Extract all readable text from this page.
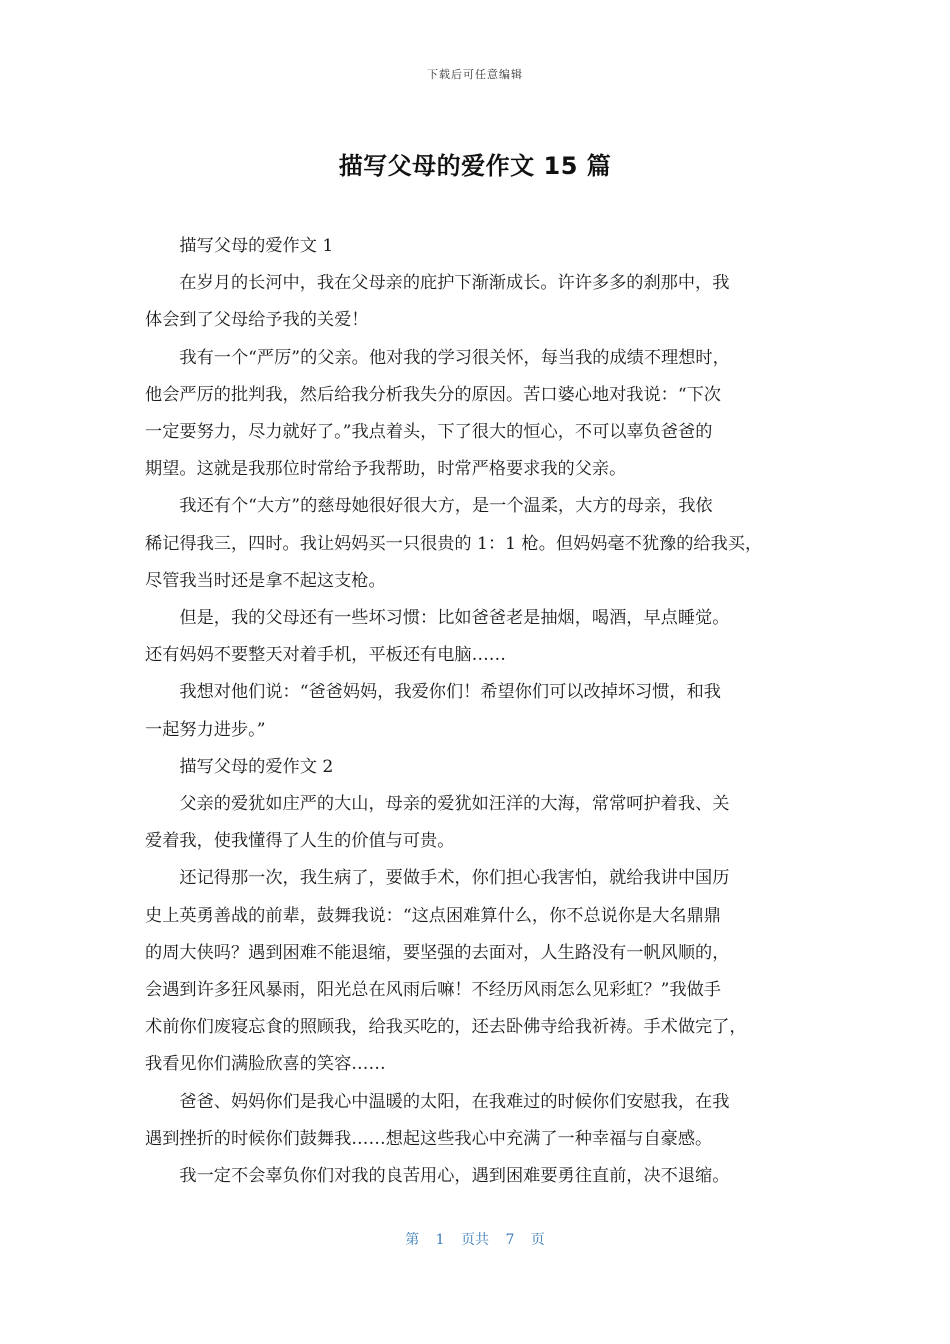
下载后可任意编辑
描写父母的爱作文 15 篇

描写父母的爱作文 1

在岁月的长河中，我在父母亲的庇护下渐渐成长。许许多多的刹那中，我
体会到了父母给予我的关爱！

我有一个“严厉”的父亲。他对我的学习很关怀，每当我的成绩不理想时，
他会严厉的批判我，然后给我分析我失分的原因。苦口婆心地对我说：“下次
一定要努力，尽力就好了。”我点着头，下了很大的恒心，不可以辜负爸爸的
期望。这就是我那位时常给予我帮助，时常严格要求我的父亲。

我还有个“大方”的慈母她很好很大方，是一个温柔，大方的母亲，我依
稀记得我三，四时。我让妈妈买一只很贵的 1：1 枪。但妈妈毫不犹豫的给我买，
尽管我当时还是拿不起这支枪。

但是，我的父母还有一些坏习惯：比如爸爸老是抽烟，喝酒，早点睡觉。
还有妈妈不要整天对着手机，平板还有电脑……

我想对他们说：“爸爸妈妈，我爱你们！希望你们可以改掉坏习惯，和我
一起努力进步。”

描写父母的爱作文 2

父亲的爱犹如庄严的大山，母亲的爱犹如汪洋的大海，常常呵护着我、关
爱着我，使我懂得了人生的价值与可贵。

还记得那一次，我生病了，要做手术，你们担心我害怕，就给我讲中国历
史上英勇善战的前辈，鼓舞我说：“这点困难算什么，你不总说你是大名鼎鼎
的周大侠吗？遇到困难不能退缩，要坚强的去面对，人生路没有一帆风顺的，
会遇到许多狂风暴雨，阳光总在风雨后嘛！不经历风雨怎么见彩虹？”我做手
术前你们废寝忘食的照顾我，给我买吃的，还去卧佛寺给我祈祷。手术做完了，
我看见你们满脸欣喜的笑容……

爸爸、妈妈你们是我心中温暖的太阳，在我难过的时候你们安慰我，在我
遇到挫折的时候你们鼓舞我……想起这些我心中充满了一种幸福与自豪感。

我一定不会辜负你们对我的良苦用心，遇到困难要勇往直前，决不退缩。

第 1 页共 7 页
